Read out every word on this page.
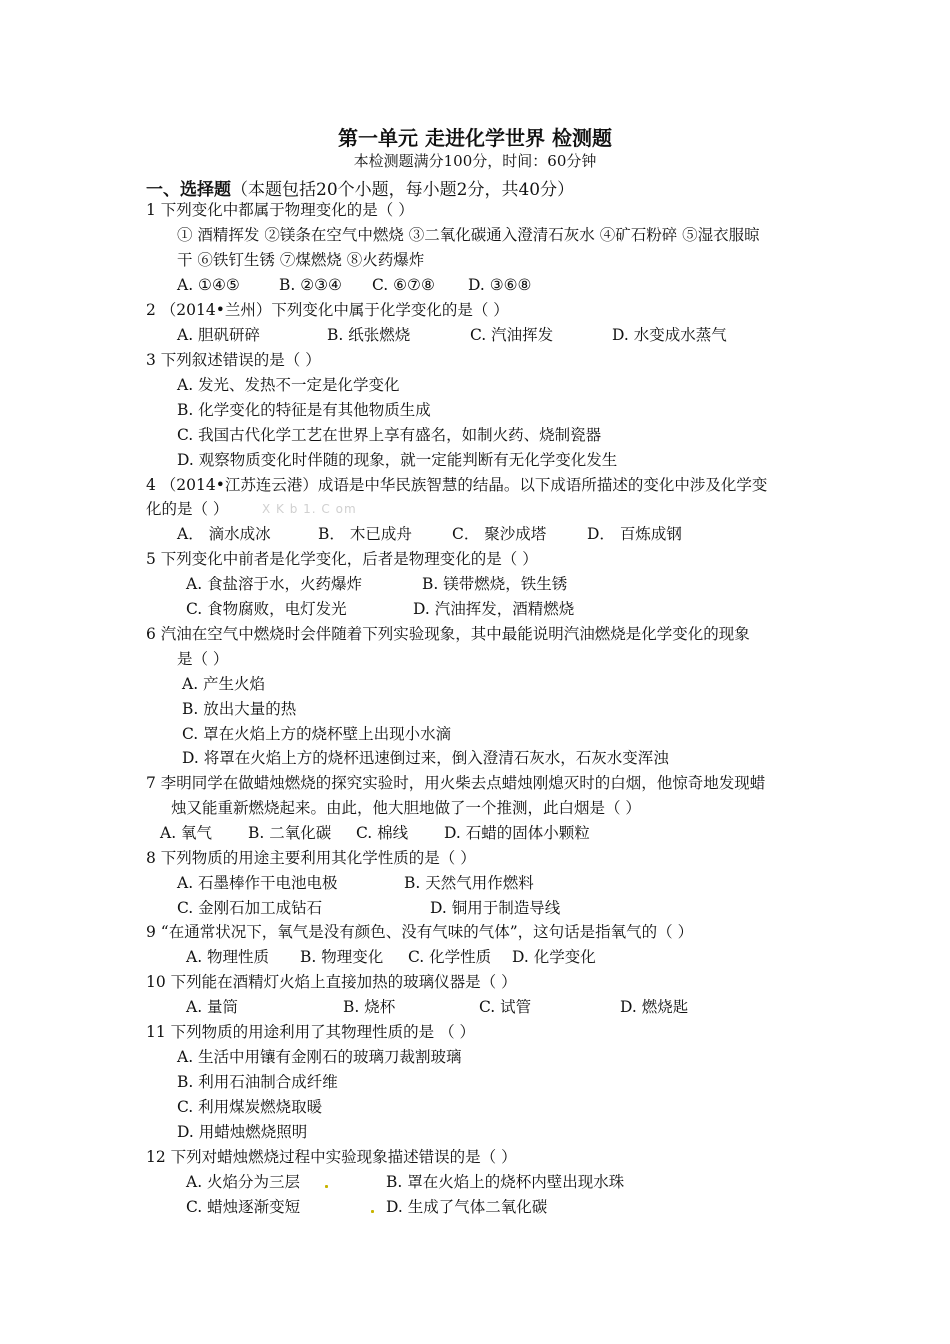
第一单元 走进化学世界 检测题
本检测题满分100分，时间：60分钟
一、选择题（本题包括20个小题，每小题2分，共40分）
1 下列变化中都属于物理变化的是（ ）
① 酒精挥发 ②镁条在空气中燃烧 ③二氧化碳通入澄清石灰水 ④矿石粉碎 ⑤湿衣服晾
干 ⑥铁钉生锈 ⑦煤燃烧 ⑧火药爆炸
A. ①④⑤	B. ②③④ C. ⑥⑦⑧ D. ③⑥⑧
2 （2014•兰州）下列变化中属于化学变化的是（ ）
A. 胆矾研碎	B. 纸张燃烧	C. 汽油挥发	D. 水变成水蒸气
3 下列叙述错误的是（ ）
A. 发光、发热不一定是化学变化
B. 化学变化的特征是有其他物质生成
C. 我国古代化学工艺在世界上享有盛名，如制火药、烧制瓷器
D. 观察物质变化时伴随的现象，就一定能判断有无化学变化发生
4 （2014•江苏连云港）成语是中华民族智慧的结晶。以下成语所描述的变化中涉及化学变
化的是（ ）	X K b 1. C om
A． 滴水成冰	B． 木已成舟	C． 聚沙成塔	D． 百炼成钢
5 下列变化中前者是化学变化，后者是物理变化的是（ ）
A. 食盐溶于水，火药爆炸	B. 镁带燃烧，铁生锈
C. 食物腐败，电灯发光	D. 汽油挥发，酒精燃烧
6 汽油在空气中燃烧时会伴随着下列实验现象，其中最能说明汽油燃烧是化学变化的现象
是（ ）
A. 产生火焰
B. 放出大量的热
C. 罩在火焰上方的烧杯壁上出现小水滴
D. 将罩在火焰上方的烧杯迅速倒过来，倒入澄清石灰水，石灰水变浑浊
7 李明同学在做蜡烛燃烧的探究实验时，用火柴去点蜡烛刚熄灭时的白烟，他惊奇地发现蜡
烛又能重新燃烧起来。由此，他大胆地做了一个推测，此白烟是（ ）
A. 氧气 B. 二氧化碳 C. 棉线 D. 石蜡的固体小颗粒
8 下列物质的用途主要利用其化学性质的是（ ）
A. 石墨棒作干电池电极	B. 天然气用作燃料
C. 金刚石加工成钻石	D. 铜用于制造导线
9 “在通常状况下，氧气是没有颜色、没有气味的气体”，这句话是指氧气的（ ）
A. 物理性质 B. 物理变化 C. 化学性质 D. 化学变化
10 下列能在酒精灯火焰上直接加热的玻璃仪器是（ ）
A. 量筒	B. 烧杯	C. 试管	D. 燃烧匙
11 下列物质的用途利用了其物理性质的是 （ ）
A. 生活中用镶有金刚石的玻璃刀裁割玻璃
B. 利用石油制合成纤维
C. 利用煤炭燃烧取暖
D. 用蜡烛燃烧照明
12 下列对蜡烛燃烧过程中实验现象描述错误的是（ ）
A. 火焰分为三层	B. 罩在火焰上的烧杯内壁出现水珠
C. 蜡烛逐渐变短	D. 生成了气体二氧化碳
